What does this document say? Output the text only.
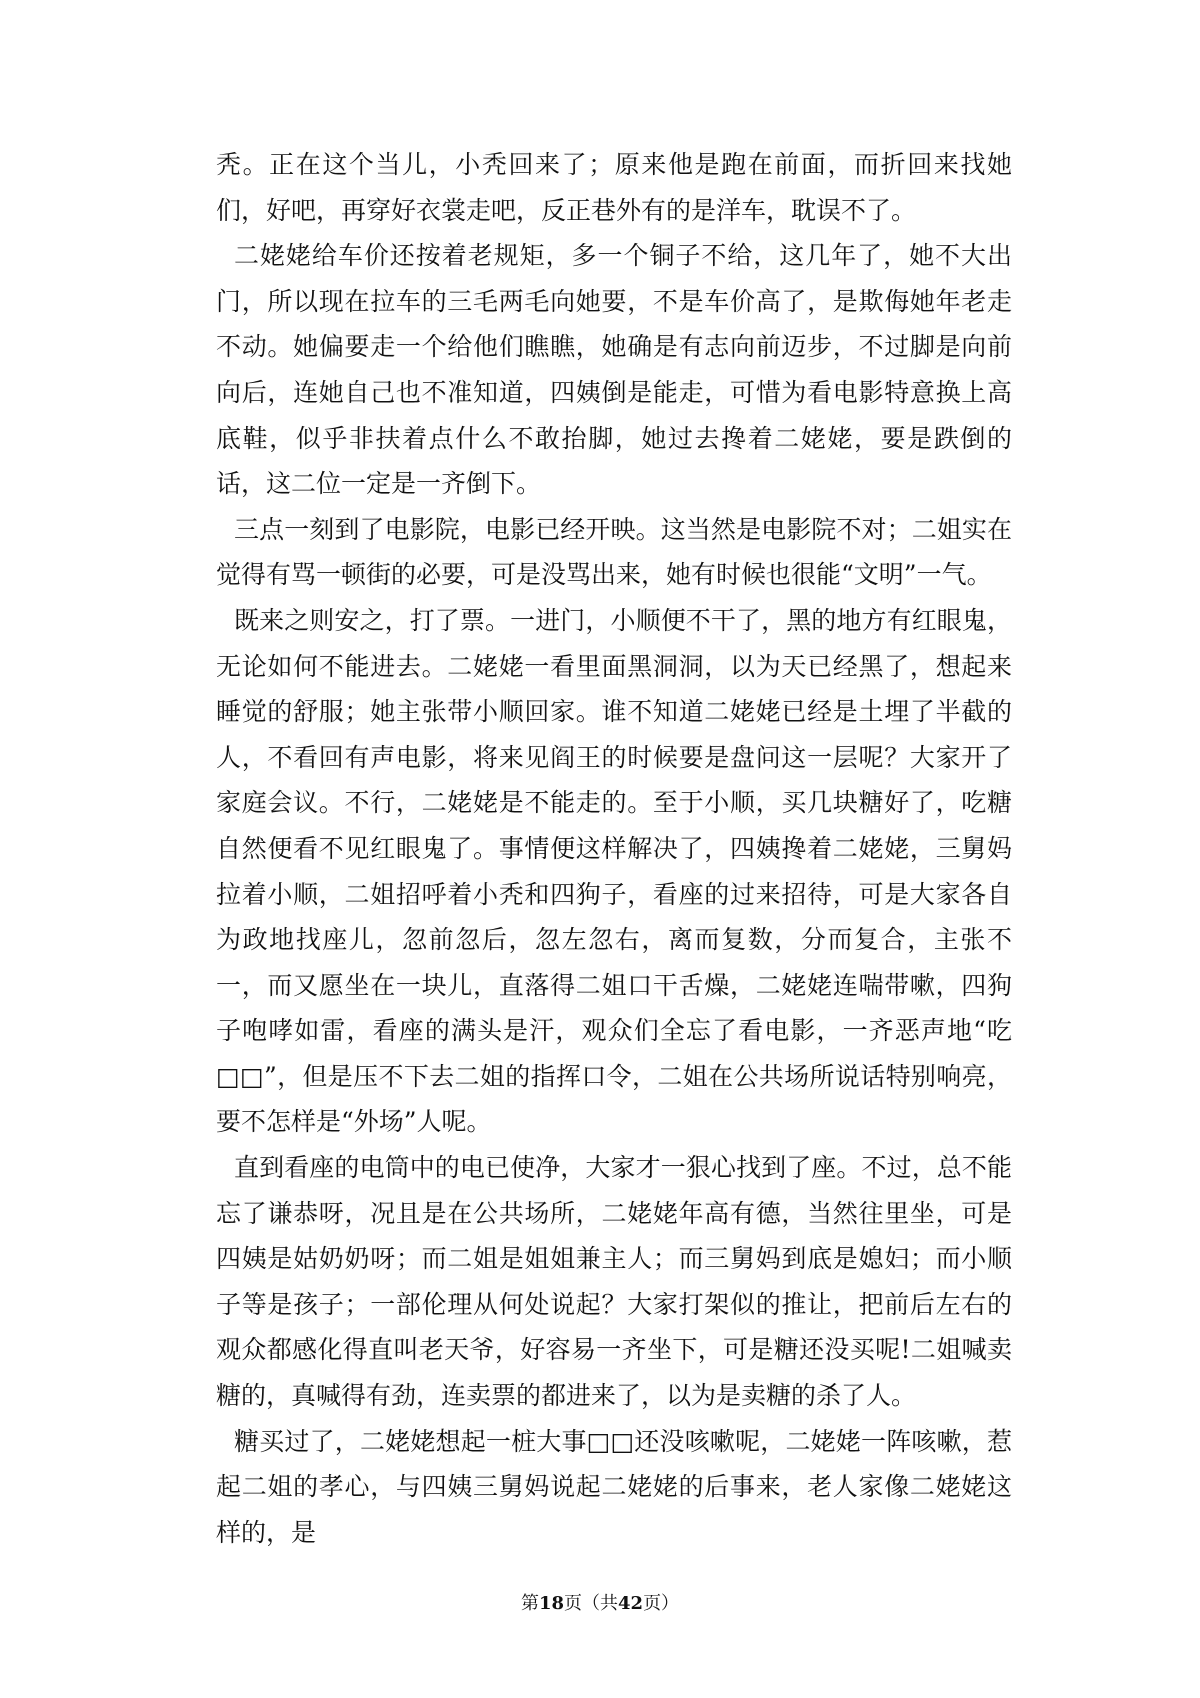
秃。正在这个当儿，小秃回来了；原来他是跑在前面，而折回来找她们，好吧，再穿好衣裳走吧，反正巷外有的是洋车，耽误不了。

二姥姥给车价还按着老规矩，多一个铜子不给，这几年了，她不大出门，所以现在拉车的三毛两毛向她要，不是车价高了，是欺侮她年老走不动。她偏要走一个给他们瞧瞧，她确是有志向前迈步，不过脚是向前向后，连她自己也不准知道，四姨倒是能走，可惜为看电影特意换上高底鞋，似乎非扶着点什么不敢抬脚，她过去搀着二姥姥，要是跌倒的话，这二位一定是一齐倒下。

三点一刻到了电影院，电影已经开映。这当然是电影院不对；二姐实在觉得有骂一顿街的必要，可是没骂出来，她有时候也很能“文明”一气。

既来之则安之，打了票。一进门，小顺便不干了，黑的地方有红眼鬼，无论如何不能进去。二姥姥一看里面黑洞洞，以为天已经黑了，想起来睡觉的舒服；她主张带小顺回家。谁不知道二姥姥已经是土埋了半截的人，不看回有声电影，将来见阎王的时候要是盘问这一层呢？大家开了家庭会议。不行，二姥姥是不能走的。至于小顺，买几块糖好了，吃糖自然便看不见红眼鬼了。事情便这样解决了，四姨搀着二姥姥，三舅妈拉着小顺，二姐招呼着小秃和四狗子，看座的过来招待，可是大家各自为政地找座儿，忽前忽后，忽左忽右，离而复数，分而复合，主张不一，而又愿坐在一块儿，直落得二姐口干舌燥，二姥姥连喘带嗽，四狗子咆哮如雷，看座的满头是汗，观众们全忘了看电影，一齐恶声地“吃□□”，但是压不下去二姐的指挥口令，二姐在公共场所说话特别响亮，要不怎样是“外场”人呢。

直到看座的电筒中的电已使净，大家才一狠心找到了座。不过，总不能忘了谦恭呀，况且是在公共场所，二姥姥年高有德，当然往里坐，可是四姨是姑奶奶呀；而二姐是姐姐兼主人；而三舅妈到底是媳妇；而小顺子等是孩子；一部伦理从何处说起？大家打架似的推让，把前后左右的观众都感化得直叫老天爷，好容易一齐坐下，可是糖还没买呢!二姐喊卖糖的，真喊得有劲，连卖票的都进来了，以为是卖糖的杀了人。

糖买过了，二姥姥想起一桩大事□□还没咳嗽呢，二姥姥一阵咳嗽，惹起二姐的孝心，与四姨三舅妈说起二姥姥的后事来，老人家像二姥姥这样的，是

第18页（共42页）
